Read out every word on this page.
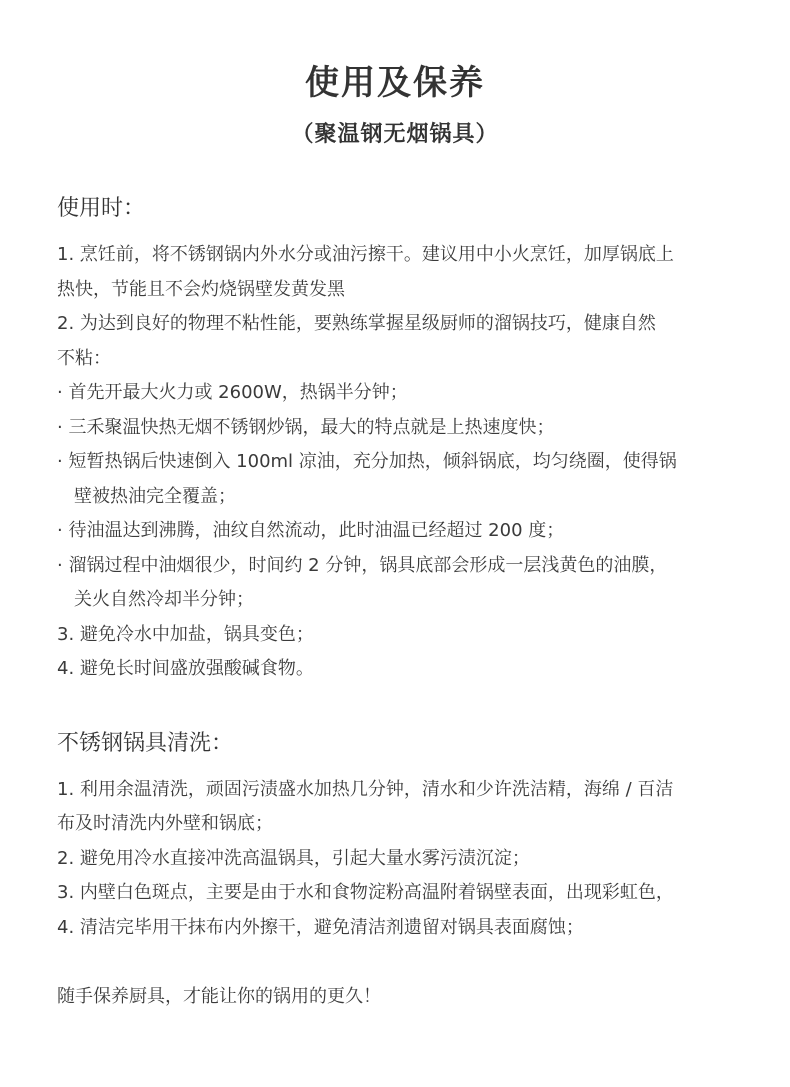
使用及保养
（聚温钢无烟锅具）
使用时：
1. 烹饪前，将不锈钢锅内外水分或油污擦干。建议用中小火烹饪，加厚锅底上
热快，节能且不会灼烧锅壁发黄发黑
2. 为达到良好的物理不粘性能，要熟练掌握星级厨师的溜锅技巧，健康自然
不粘：
· 首先开最大火力或 2600W，热锅半分钟；
· 三禾聚温快热无烟不锈钢炒锅，最大的特点就是上热速度快；
· 短暂热锅后快速倒入 100ml 凉油，充分加热，倾斜锅底，均匀绕圈，使得锅
壁被热油完全覆盖；
· 待油温达到沸腾，油纹自然流动，此时油温已经超过 200 度；
· 溜锅过程中油烟很少，时间约 2 分钟，锅具底部会形成一层浅黄色的油膜，
关火自然冷却半分钟；
3. 避免冷水中加盐，锅具变色；
4. 避免长时间盛放强酸碱食物。
不锈钢锅具清洗：
1. 利用余温清洗，顽固污渍盛水加热几分钟，清水和少许洗洁精，海绵 / 百洁
布及时清洗内外壁和锅底；
2. 避免用冷水直接冲洗高温锅具，引起大量水雾污渍沉淀；
3. 内壁白色斑点，主要是由于水和食物淀粉高温附着锅壁表面，出现彩虹色，
4. 清洁完毕用干抹布内外擦干，避免清洁剂遗留对锅具表面腐蚀；
随手保养厨具，才能让你的锅用的更久！
